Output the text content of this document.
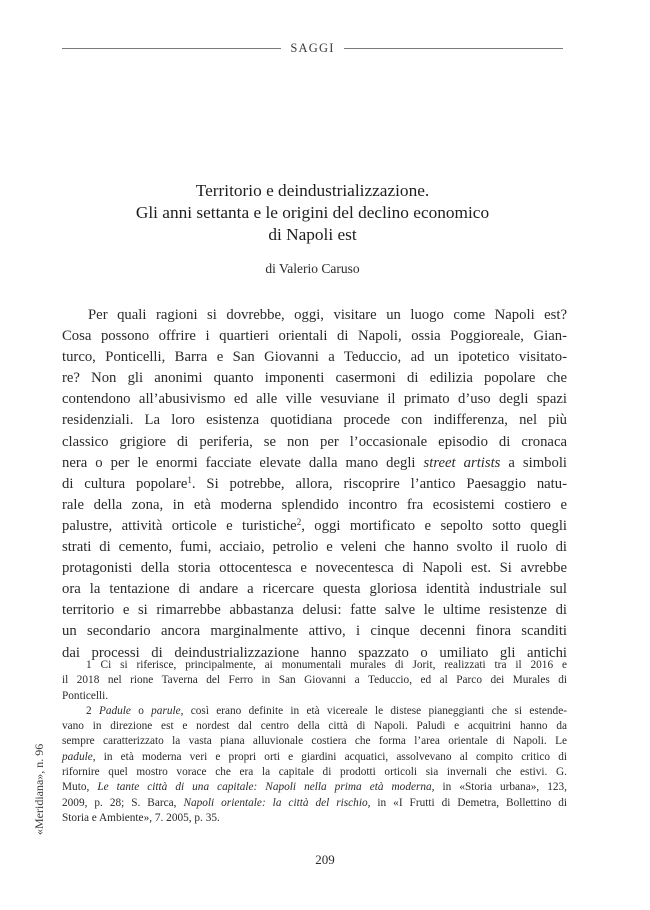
SAGGI
Territorio e deindustrializzazione.
Gli anni settanta e le origini del declino economico
di Napoli est
di Valerio Caruso
Per quali ragioni si dovrebbe, oggi, visitare un luogo come Napoli est?
Cosa possono offrire i quartieri orientali di Napoli, ossia Poggioreale, Gian-
turco, Ponticelli, Barra e San Giovanni a Teduccio, ad un ipotetico visitato-
re? Non gli anonimi quanto imponenti casermoni di edilizia popolare che
contendono all’abusivismo ed alle ville vesuviane il primato d’uso degli spazi
residenziali. La loro esistenza quotidiana procede con indifferenza, nel più
classico grigiore di periferia, se non per l’occasionale episodio di cronaca
nera o per le enormi facciate elevate dalla mano degli street artists a simboli
di cultura popolare$^1$. Si potrebbe, allora, riscoprire l’antico Paesaggio natu-
rale della zona, in età moderna splendido incontro fra ecosistemi costiero e
palustre, attività orticole e turistiche$^2$, oggi mortificato e sepolto sotto quegli
strati di cemento, fumi, acciaio, petrolio e veleni che hanno svolto il ruolo di
protagonisti della storia ottocentesca e novecentesca di Napoli est. Si avrebbe
ora la tentazione di andare a ricercare questa gloriosa identità industriale sul
territorio e si rimarrebbe abbastanza delusi: fatte salve le ultime resistenze di
un secondario ancora marginalmente attivo, i cinque decenni finora scanditi
dai processi di deindustrializzazione hanno spazzato o umiliato gli antichi
1 Ci si riferisce, principalmente, ai monumentali murales di Jorit, realizzati tra il 2016 e
il 2018 nel rione Taverna del Ferro in San Giovanni a Teduccio, ed al Parco dei Murales di
Ponticelli.
2 Padule o parule, così erano definite in età vicereale le distese pianeggianti che si estende-
vano in direzione est e nordest dal centro della città di Napoli. Paludi e acquitrini hanno da
sempre caratterizzato la vasta piana alluvionale costiera che forma l’area orientale di Napoli. Le
padule, in età moderna veri e propri orti e giardini acquatici, assolvevano al compito critico di
rifornire quel mostro vorace che era la capitale di prodotti orticoli sia invernali che estivi. G.
Muto, Le tante città di una capitale: Napoli nella prima età moderna, in «Storia urbana», 123,
2009, p. 28; S. Barca, Napoli orientale: la città del rischio, in «I Frutti di Demetra, Bollettino di
Storia e Ambiente», 7. 2005, p. 35.
«Meridiana», n. 96
209
